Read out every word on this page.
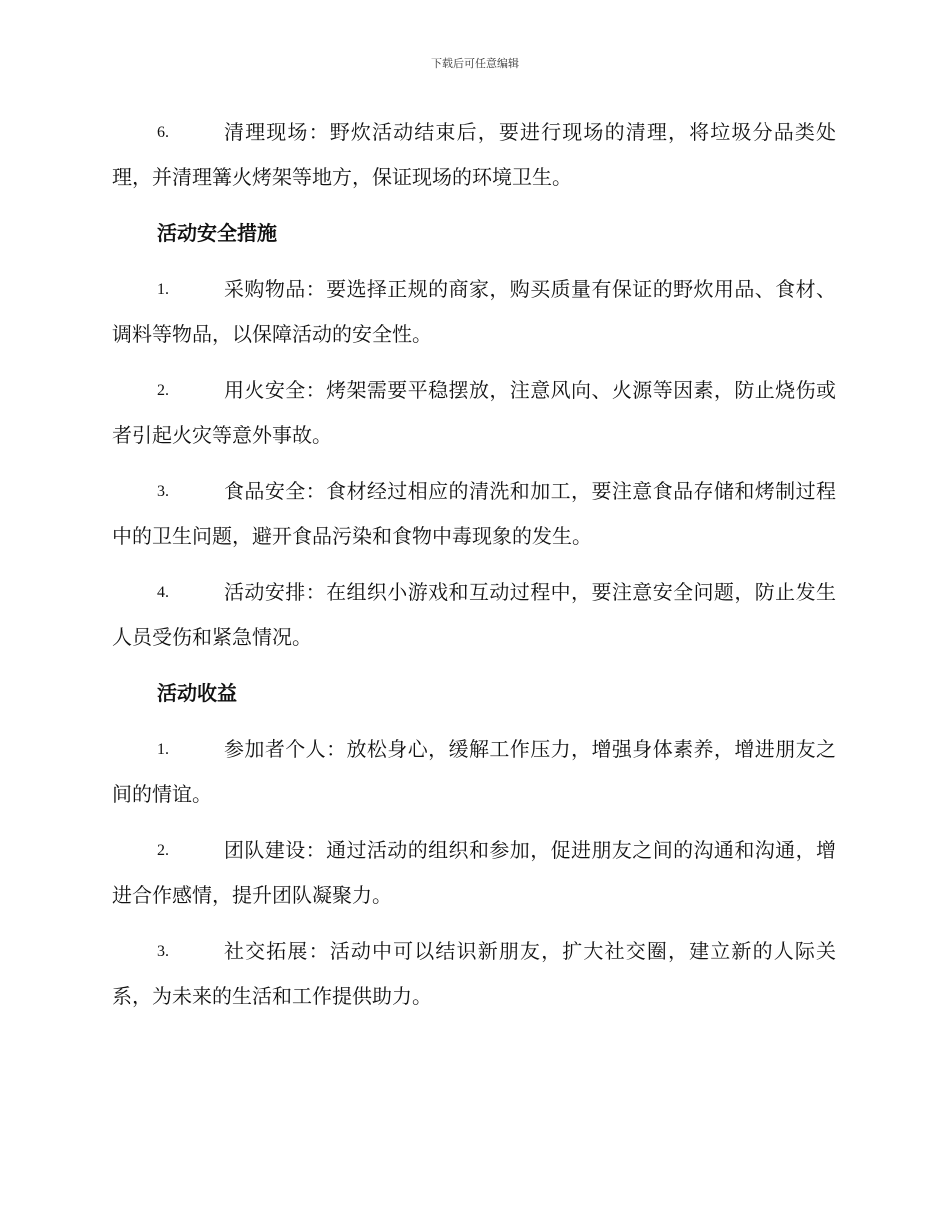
下载后可任意编辑
6.	清理现场：野炊活动结束后，要进行现场的清理，将垃圾分品类处理，并清理篝火烤架等地方，保证现场的环境卫生。
活动安全措施
1.	采购物品：要选择正规的商家，购买质量有保证的野炊用品、食材、调料等物品，以保障活动的安全性。
2.	用火安全：烤架需要平稳摆放，注意风向、火源等因素，防止烧伤或者引起火灾等意外事故。
3.	食品安全：食材经过相应的清洗和加工，要注意食品存储和烤制过程中的卫生问题，避开食品污染和食物中毒现象的发生。
4.	活动安排：在组织小游戏和互动过程中，要注意安全问题，防止发生人员受伤和紧急情况。
活动收益
1.	参加者个人：放松身心，缓解工作压力，增强身体素养，增进朋友之间的情谊。
2.	团队建设：通过活动的组织和参加，促进朋友之间的沟通和沟通，增进合作感情，提升团队凝聚力。
3.	社交拓展：活动中可以结识新朋友，扩大社交圈，建立新的人际关系，为未来的生活和工作提供助力。
